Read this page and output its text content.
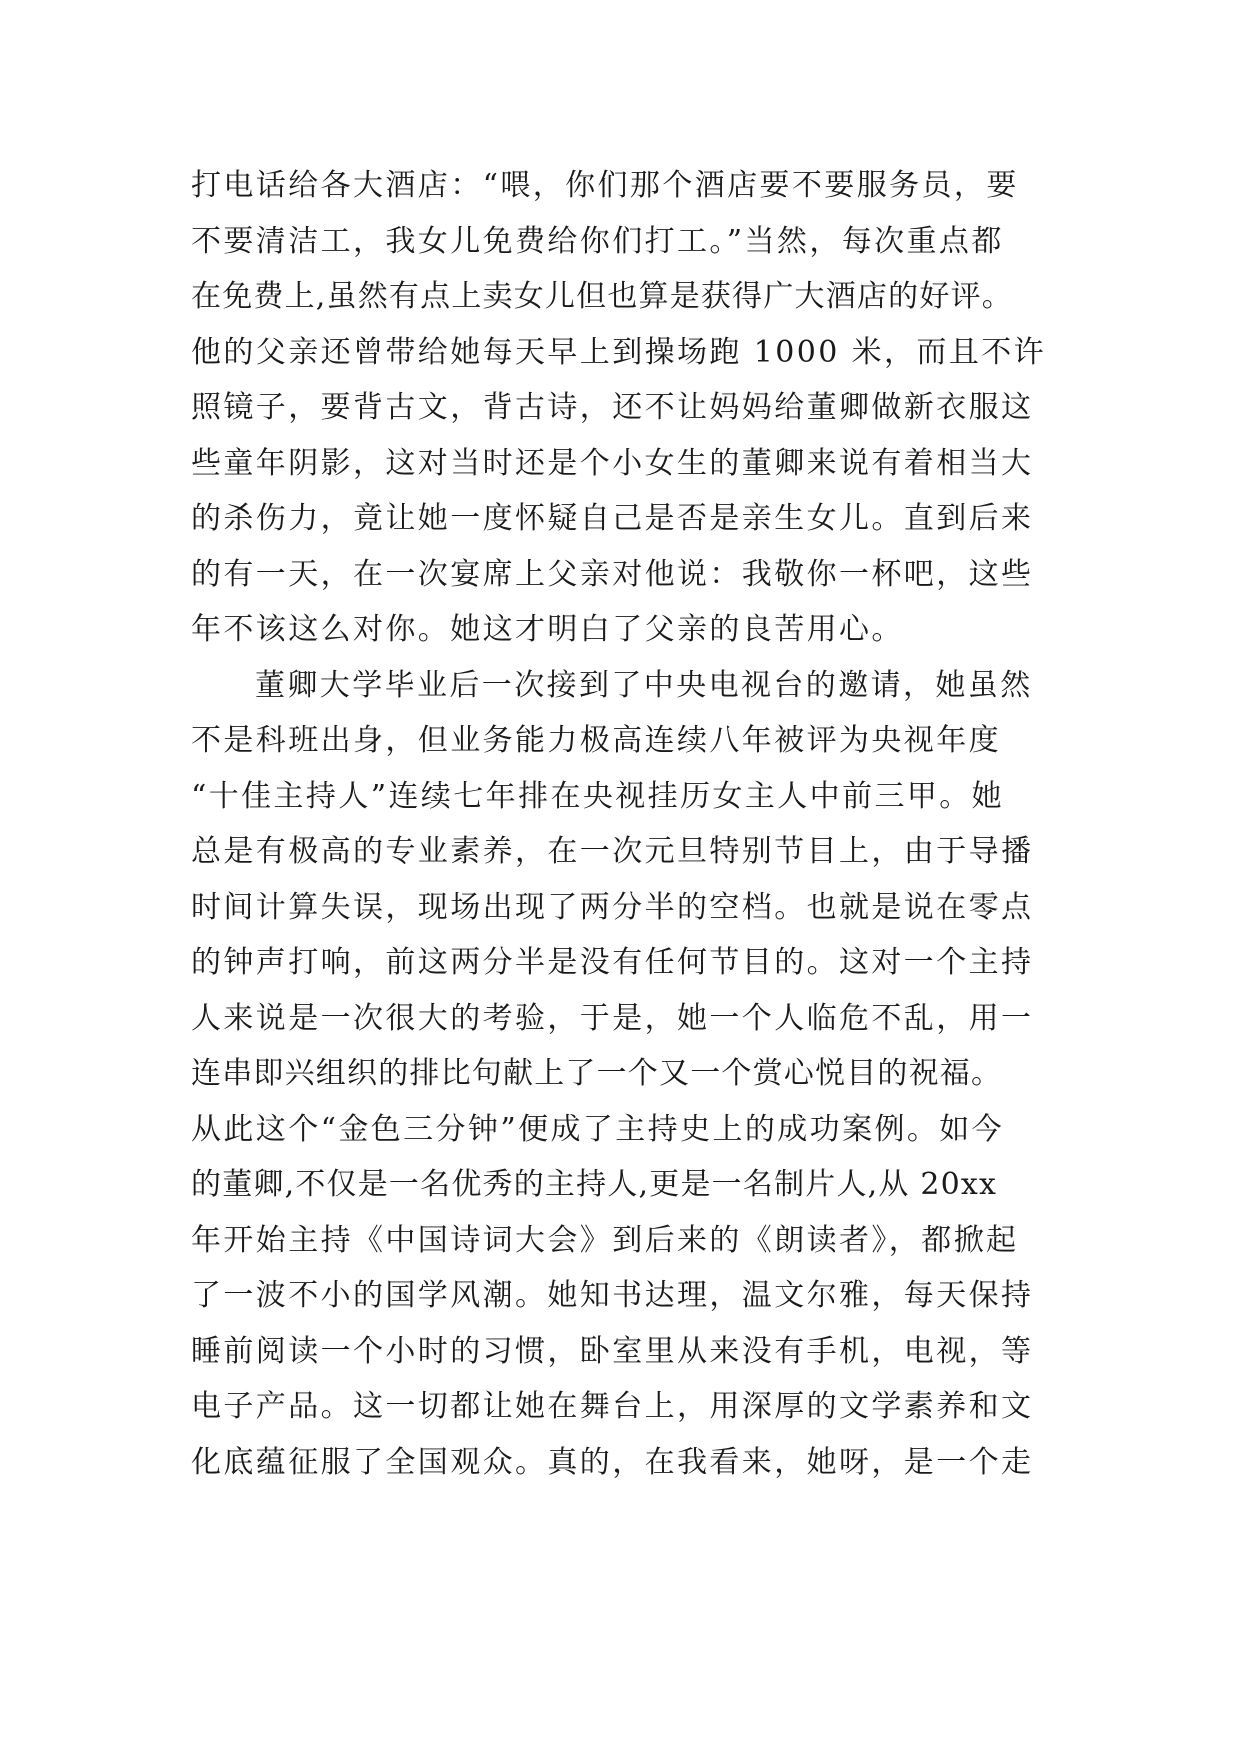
打电话给各大酒店：“喂，你们那个酒店要不要服务员，要
不要清洁工，我女儿免费给你们打工。”当然，每次重点都
在免费上,虽然有点上卖女儿但也算是获得广大酒店的好评。
他的父亲还曾带给她每天早上到操场跑 1000 米，而且不许
照镜子，要背古文，背古诗，还不让妈妈给董卿做新衣服这
些童年阴影，这对当时还是个小女生的董卿来说有着相当大
的杀伤力，竟让她一度怀疑自己是否是亲生女儿。直到后来
的有一天，在一次宴席上父亲对他说：我敬你一杯吧，这些
年不该这么对你。她这才明白了父亲的良苦用心。
董卿大学毕业后一次接到了中央电视台的邀请，她虽然
不是科班出身，但业务能力极高连续八年被评为央视年度
“十佳主持人”连续七年排在央视挂历女主人中前三甲。她
总是有极高的专业素养，在一次元旦特别节目上，由于导播
时间计算失误，现场出现了两分半的空档。也就是说在零点
的钟声打响，前这两分半是没有任何节目的。这对一个主持
人来说是一次很大的考验，于是，她一个人临危不乱，用一
连串即兴组织的排比句献上了一个又一个赏心悦目的祝福。
从此这个“金色三分钟”便成了主持史上的成功案例。如今
的董卿,不仅是一名优秀的主持人,更是一名制片人,从 20xx
年开始主持《中国诗词大会》到后来的《朗读者》，都掀起
了一波不小的国学风潮。她知书达理，温文尔雅，每天保持
睡前阅读一个小时的习惯，卧室里从来没有手机，电视，等
电子产品。这一切都让她在舞台上，用深厚的文学素养和文
化底蕴征服了全国观众。真的，在我看来，她呀，是一个走
